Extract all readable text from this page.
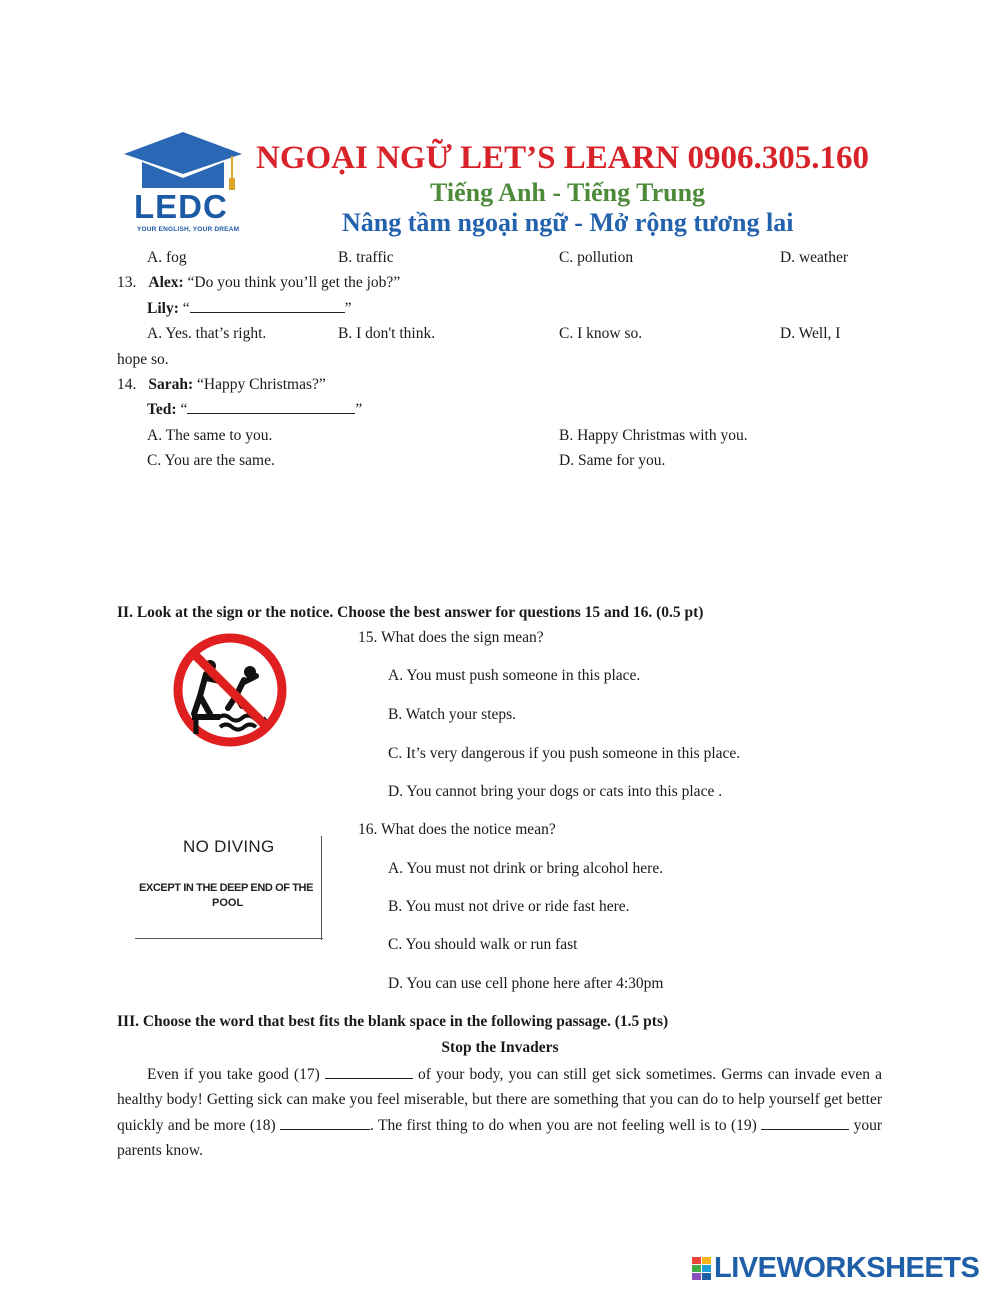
LEDC
YOUR ENGLISH, YOUR DREAM
NGOẠI NGỮ LET’S LEARN 0906.305.160
Tiếng Anh - Tiếng Trung
Nâng tầm ngoại ngữ - Mở rộng tương lai
A. fog	B. traffic	C. pollution	D. weather
13. Alex: “Do you think you’ll get the job?”
Lily: “	”
A. Yes. that’s right.	B. I don't think.	C. I know so.	D. Well, I
hope so.
14. Sarah: “Happy Christmas?”
Ted: “	”
A. The same to you.	B. Happy Christmas with you.
C. You are the same.	D. Same for you.
II. Look at the sign or the notice. Choose the best answer for questions 15 and 16. (0.5 pt)
15. What does the sign mean?
A. You must push someone in this place.
B. Watch your steps.
C. It’s very dangerous if you push someone in this place.
D. You cannot bring your dogs or cats into this place .
NO DIVING
EXCEPT IN THE DEEP END OF THE
POOL
16. What does the notice mean?
A. You must not drink or bring alcohol here.
B. You must not drive or ride fast here.
C. You should walk or run fast
D. You can use cell phone here after 4:30pm
III. Choose the word that best fits the blank space in the following passage. (1.5 pts)
Stop the Invaders

Even if you take good (17)	of your body, you can still get sick sometimes. Germs can invade even a healthy body! Getting sick can make you feel miserable, but there are something that you can do to help yourself get better quickly and be more (18)	. The first thing to do when you are not feeling well is to (19)	your parents know.

LIVEWORKSHEETS
